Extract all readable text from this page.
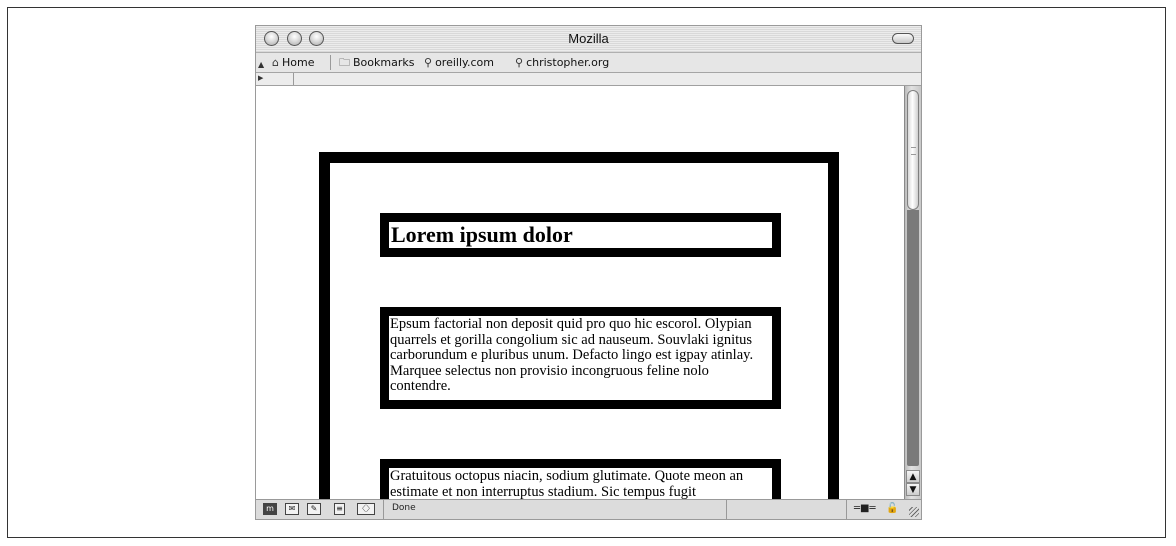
Mozilla
▲ ⌂ Home 🗀 Bookmarks ⚲ oreilly.com ⚲ christopher.org
▶
Lorem ipsum dolor
Epsum factorial non deposit quid pro quo hic escorol. Olypian quarrels et gorilla congolium sic ad nauseum. Souvlaki ignitus carborundum e pluribus unum. Defacto lingo est igpay atinlay. Marquee selectus non provisio incongruous feline nolo contendre.
Gratuitous octopus niacin, sodium glutimate. Quote meon an estimate et non interruptus stadium. Sic tempus fugit
▲
▼
m	✉	✎	≡ 〈〉 Done	═■═ 🔓
